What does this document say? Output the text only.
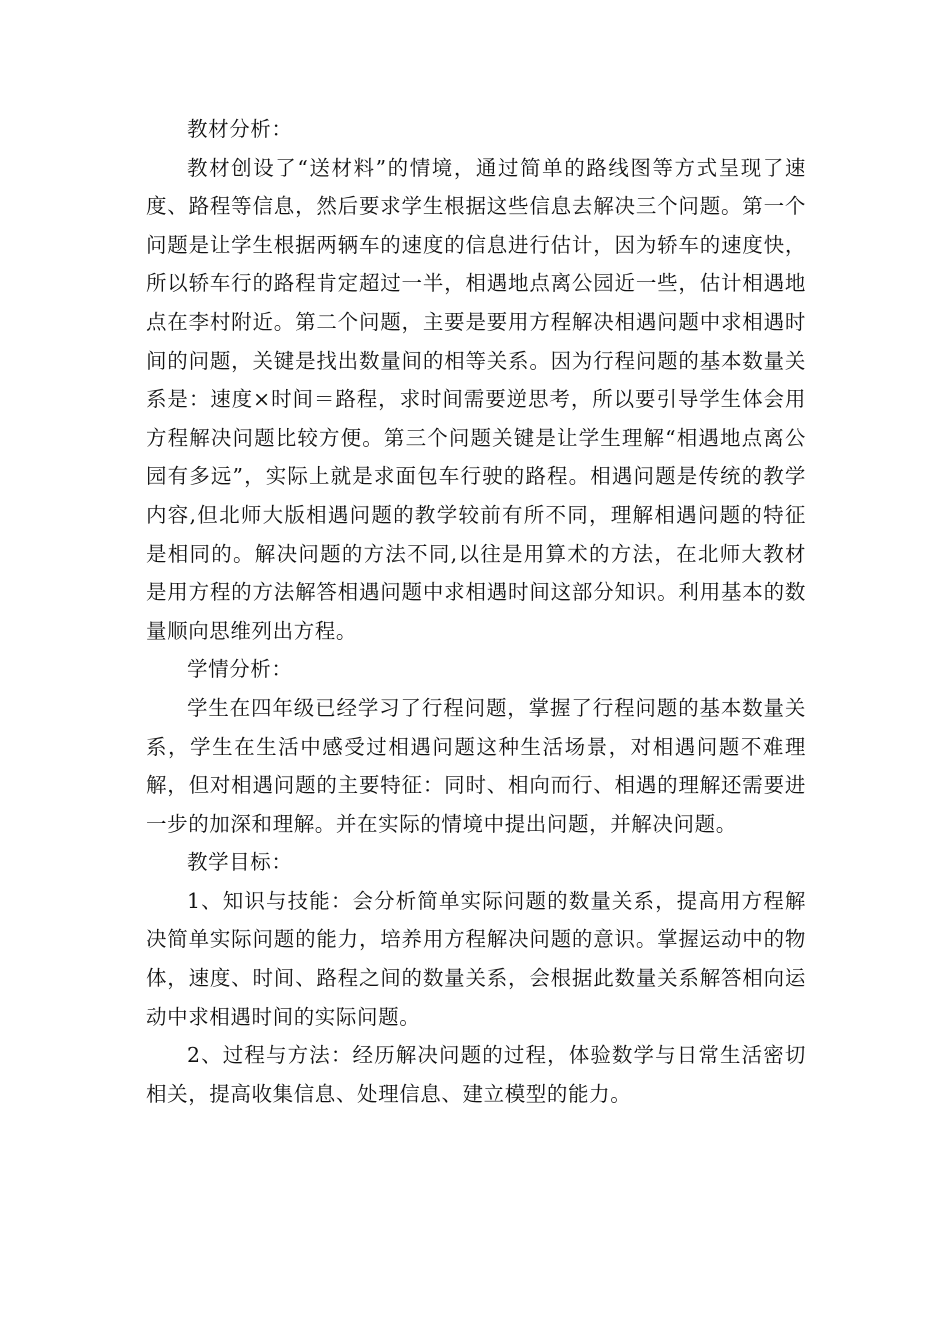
教材分析：

教材创设了“送材料”的情境，通过简单的路线图等方式呈现了速度、路程等信息，然后要求学生根据这些信息去解决三个问题。第一个问题是让学生根据两辆车的速度的信息进行估计，因为轿车的速度快，所以轿车行的路程肯定超过一半，相遇地点离公园近一些，估计相遇地点在李村附近。第二个问题，主要是要用方程解决相遇问题中求相遇时间的问题，关键是找出数量间的相等关系。因为行程问题的基本数量关系是：速度×时间＝路程，求时间需要逆思考，所以要引导学生体会用方程解决问题比较方便。第三个问题关键是让学生理解“相遇地点离公园有多远”，实际上就是求面包车行驶的路程。相遇问题是传统的教学内容,但北师大版相遇问题的教学较前有所不同，理解相遇问题的特征是相同的。解决问题的方法不同,以往是用算术的方法，在北师大教材是用方程的方法解答相遇问题中求相遇时间这部分知识。利用基本的数量顺向思维列出方程。

学情分析：

学生在四年级已经学习了行程问题，掌握了行程问题的基本数量关系，学生在生活中感受过相遇问题这种生活场景，对相遇问题不难理解，但对相遇问题的主要特征：同时、相向而行、相遇的理解还需要进一步的加深和理解。并在实际的情境中提出问题，并解决问题。

教学目标：

1、知识与技能：会分析简单实际问题的数量关系，提高用方程解决简单实际问题的能力，培养用方程解决问题的意识。掌握运动中的物体，速度、时间、路程之间的数量关系，会根据此数量关系解答相向运动中求相遇时间的实际问题。

2、过程与方法：经历解决问题的过程，体验数学与日常生活密切相关，提高收集信息、处理信息、建立模型的能力。
